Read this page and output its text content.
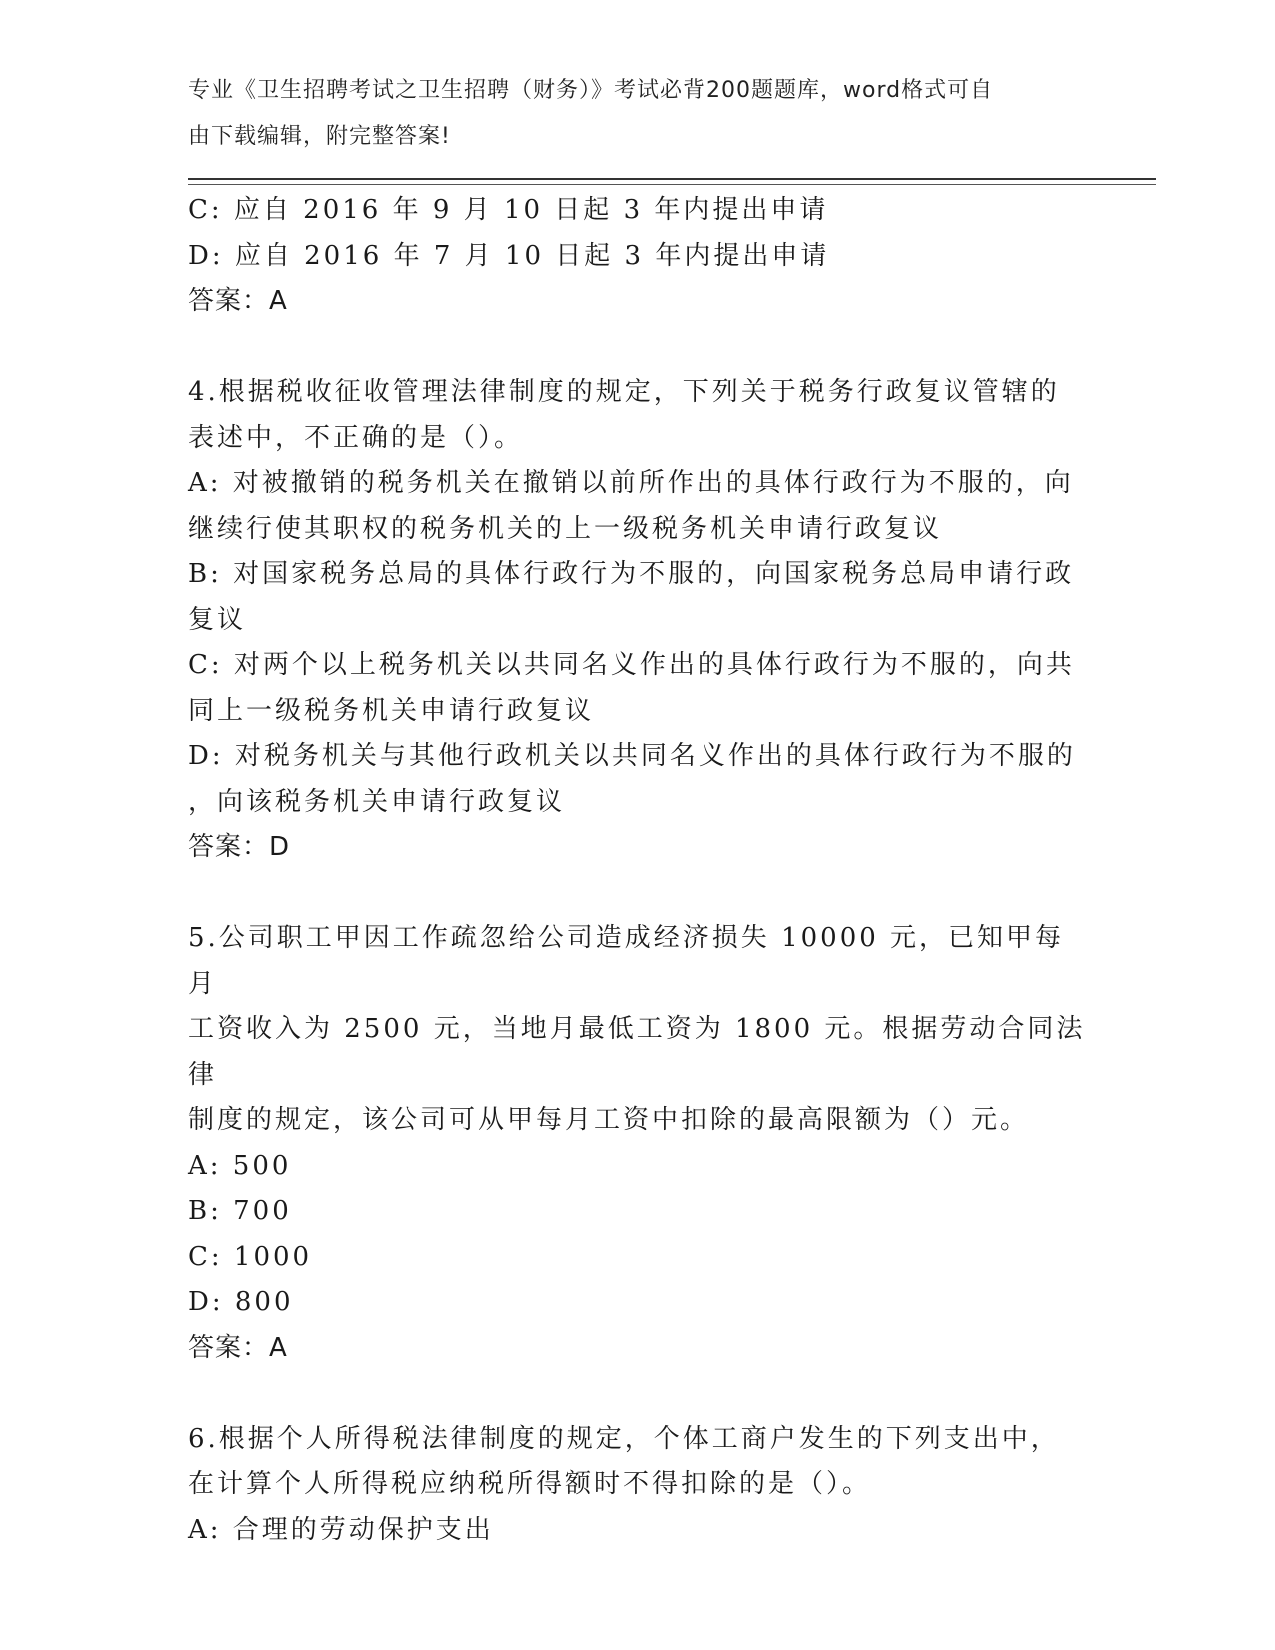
专业《卫生招聘考试之卫生招聘（财务）》考试必背200题题库，word格式可自
由下载编辑，附完整答案!
C: 应自 2016 年 9 月 10 日起 3 年内提出申请
D: 应自 2016 年 7 月 10 日起 3 年内提出申请
答案：A
4.根据税收征收管理法律制度的规定，下列关于税务行政复议管辖的
表述中，不正确的是（）。
A: 对被撤销的税务机关在撤销以前所作出的具体行政行为不服的，向
继续行使其职权的税务机关的上一级税务机关申请行政复议
B: 对国家税务总局的具体行政行为不服的，向国家税务总局申请行政
复议
C: 对两个以上税务机关以共同名义作出的具体行政行为不服的，向共
同上一级税务机关申请行政复议
D: 对税务机关与其他行政机关以共同名义作出的具体行政行为不服的
，向该税务机关申请行政复议
答案：D
5.公司职工甲因工作疏忽给公司造成经济损失 10000 元，已知甲每月
工资收入为 2500 元，当地月最低工资为 1800 元。根据劳动合同法律
制度的规定，该公司可从甲每月工资中扣除的最高限额为（）元。
A: 500
B: 700
C: 1000
D: 800
答案：A
6.根据个人所得税法律制度的规定，个体工商户发生的下列支出中，
在计算个人所得税应纳税所得额时不得扣除的是（）。
A: 合理的劳动保护支出
